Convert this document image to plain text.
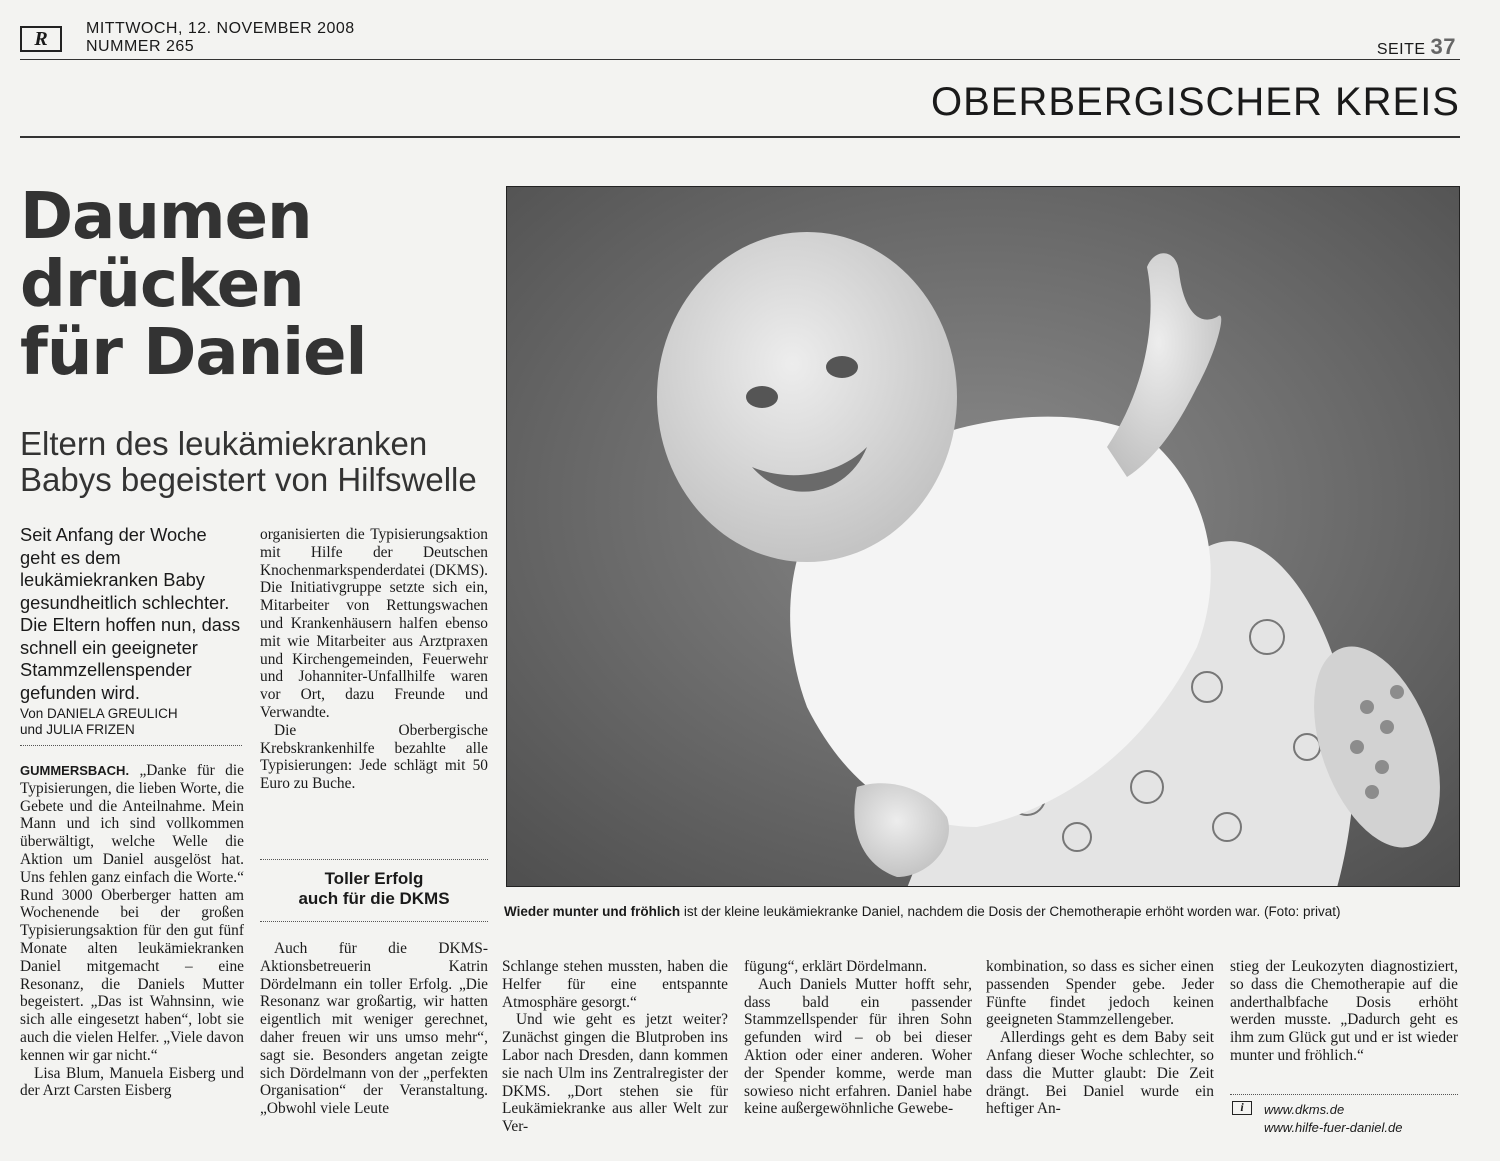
R	MITTWOCH, 12. NOVEMBER 2008
NUMMER 265	SEITE 37
OBERBERGISCHER KREIS
Daumen
drücken
für Daniel
Eltern des leukämiekranken
Babys begeistert von Hilfswelle
Seit Anfang der Woche geht es dem leukämiekranken Baby gesundheitlich schlechter. Die Eltern hoffen nun, dass schnell ein geeigneter Stammzellenspender gefunden wird.
Von DANIELA GREULICH
und JULIA FRIZEN

GUMMERSBACH. „Danke für die Typisierungen, die lieben Worte, die Gebete und die Anteilnahme. Mein Mann und ich sind vollkommen überwältigt, welche Welle die Aktion um Daniel ausgelöst hat. Uns fehlen ganz einfach die Worte.“ Rund 3000 Oberberger hatten am Wochenende bei der großen Typisierungsaktion für den gut fünf Monate alten leukämiekranken Daniel mitgemacht – eine Resonanz, die Daniels Mutter begeistert. „Das ist Wahnsinn, wie sich alle eingesetzt haben“, lobt sie auch die vielen Helfer. „Viele davon kennen wir gar nicht.“

Lisa Blum, Manuela Eisberg und der Arzt Carsten Eisberg

organisierten die Typisierungsaktion mit Hilfe der Deutschen Knochenmarkspenderdatei (DKMS). Die Initiativgruppe setzte sich ein, Mitarbeiter von Rettungswachen und Krankenhäusern halfen ebenso mit wie Mitarbeiter aus Arztpraxen und Kirchengemeinden, Feuerwehr und Johanniter-Unfallhilfe waren vor Ort, dazu Freunde und Verwandte.

Die Oberbergische Krebskrankenhilfe bezahlte alle Typisierungen: Jede schlägt mit 50 Euro zu Buche.

Toller Erfolg
auch für die DKMS

Auch für die DKMS-Aktionsbetreuerin Katrin Dördelmann ein toller Erfolg. „Die Resonanz war großartig, wir hatten eigentlich mit weniger gerechnet, daher freuen wir uns umso mehr“, sagt sie. Besonders angetan zeigte sich Dördelmann von der „perfekten Organisation“ der Veranstaltung. „Obwohl viele Leute

Wieder munter und fröhlich ist der kleine leukämiekranke Daniel, nachdem die Dosis der Chemotherapie erhöht worden war. (Foto: privat)

Schlange stehen mussten, haben die Helfer für eine entspannte Atmosphäre gesorgt.“

Und wie geht es jetzt weiter? Zunächst gingen die Blutproben ins Labor nach Dresden, dann kommen sie nach Ulm ins Zentralregister der DKMS. „Dort stehen sie für Leukämiekranke aus aller Welt zur Ver-

fügung“, erklärt Dördelmann.

Auch Daniels Mutter hofft sehr, dass bald ein passender Stammzellspender für ihren Sohn gefunden wird – ob bei dieser Aktion oder einer anderen. Woher der Spender komme, werde man sowieso nicht erfahren. Daniel habe keine außergewöhnliche Gewebe-

kombination, so dass es sicher einen passenden Spender gebe. Jeder Fünfte findet jedoch keinen geeigneten Stammzellengeber.

Allerdings geht es dem Baby seit Anfang dieser Woche schlechter, so dass die Mutter glaubt: Die Zeit drängt. Bei Daniel wurde ein heftiger An-

stieg der Leukozyten diagnostiziert, so dass die Chemotherapie auf die anderthalbfache Dosis erhöht werden musste. „Dadurch geht es ihm zum Glück gut und er ist wieder munter und fröhlich.“

i	www.dkms.de
www.hilfe-fuer-daniel.de
